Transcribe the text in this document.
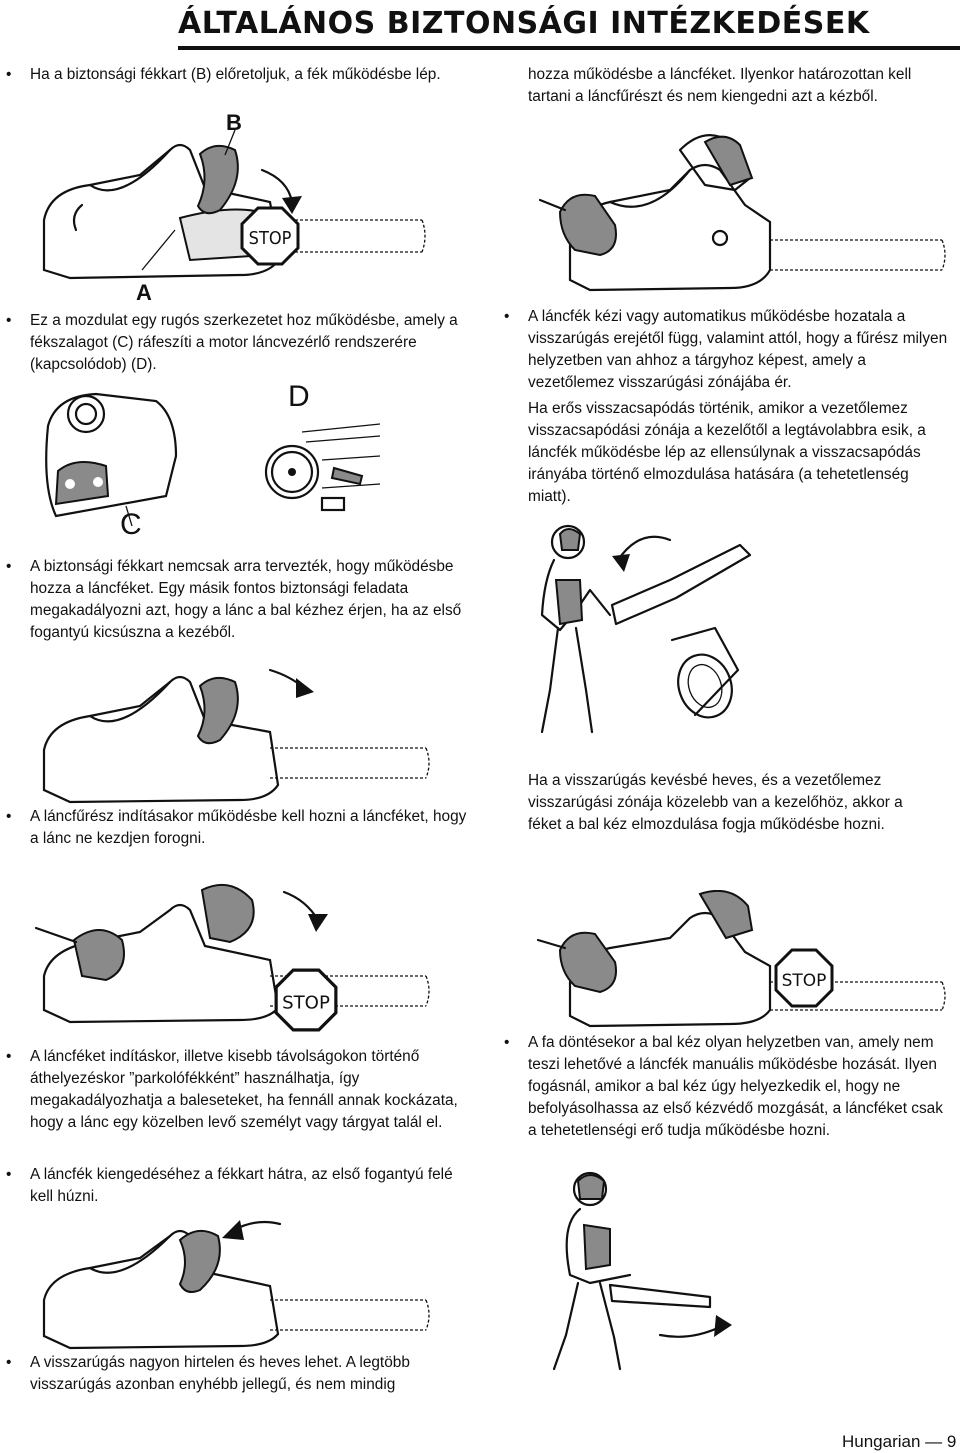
ÁLTALÁNOS BIZTONSÁGI INTÉZKEDÉSEK

• Ha a biztonsági fékkart (B) előretoljuk, a fék működésbe lép.

• Ez a mozdulat egy rugós szerkezetet hoz működésbe, amely a fékszalagot (C) ráfeszíti a motor láncvezérlő rendszerére (kapcsolódob) (D).

• A biztonsági fékkart nemcsak arra tervezték, hogy működésbe hozza a láncféket. Egy másik fontos biztonsági feladata megakadályozni azt, hogy a lánc a bal kézhez érjen, ha az első fogantyú kicsúszna a kezéből.

• A láncfűrész indításakor működésbe kell hozni a láncféket, hogy a lánc ne kezdjen forogni.

• A láncféket indításkor, illetve kisebb távolságokon történő áthelyezéskor ”parkolófékként” használhatja, így megakadályozhatja a baleseteket, ha fennáll annak kockázata, hogy a lánc egy közelben levő személyt vagy tárgyat talál el.

• A láncfék kiengedéséhez a fékkart hátra, az első fogantyú felé kell húzni.

• A visszarúgás nagyon hirtelen és heves lehet. A legtöbb visszarúgás azonban enyhébb jellegű, és nem mindig

hozza működésbe a láncféket. Ilyenkor határozottan kell tartani a láncfűrészt és nem kiengedni azt a kézből.

• A láncfék kézi vagy automatikus működésbe hozatala a visszarúgás erejétől függ, valamint attól, hogy a fűrész milyen helyzetben van ahhoz a tárgyhoz képest, amely a vezetőlemez visszarúgási zónájába ér.

Ha erős visszacsapódás történik, amikor a vezetőlemez visszacsapódási zónája a kezelőtől a legtávolabbra esik, a láncfék működésbe lép az ellensúlynak a visszacsapódás irányába történő elmozdulása hatására (a tehetetlenség miatt).

Ha a visszarúgás kevésbé heves, és a vezetőlemez visszarúgási zónája közelebb van a kezelőhöz, akkor a féket a bal kéz elmozdulása fogja működésbe hozni.

• A fa döntésekor a bal kéz olyan helyzetben van, amely nem teszi lehetővé a láncfék manuális működésbe hozását. Ilyen fogásnál, amikor a bal kéz úgy helyezkedik el, hogy ne befolyásolhassa az első kézvédő mozgását, a láncféket csak a tehetetlenségi erő tudja működésbe hozni.

B
A
STOP
C
D
STOP
STOP
Hungarian — 9
